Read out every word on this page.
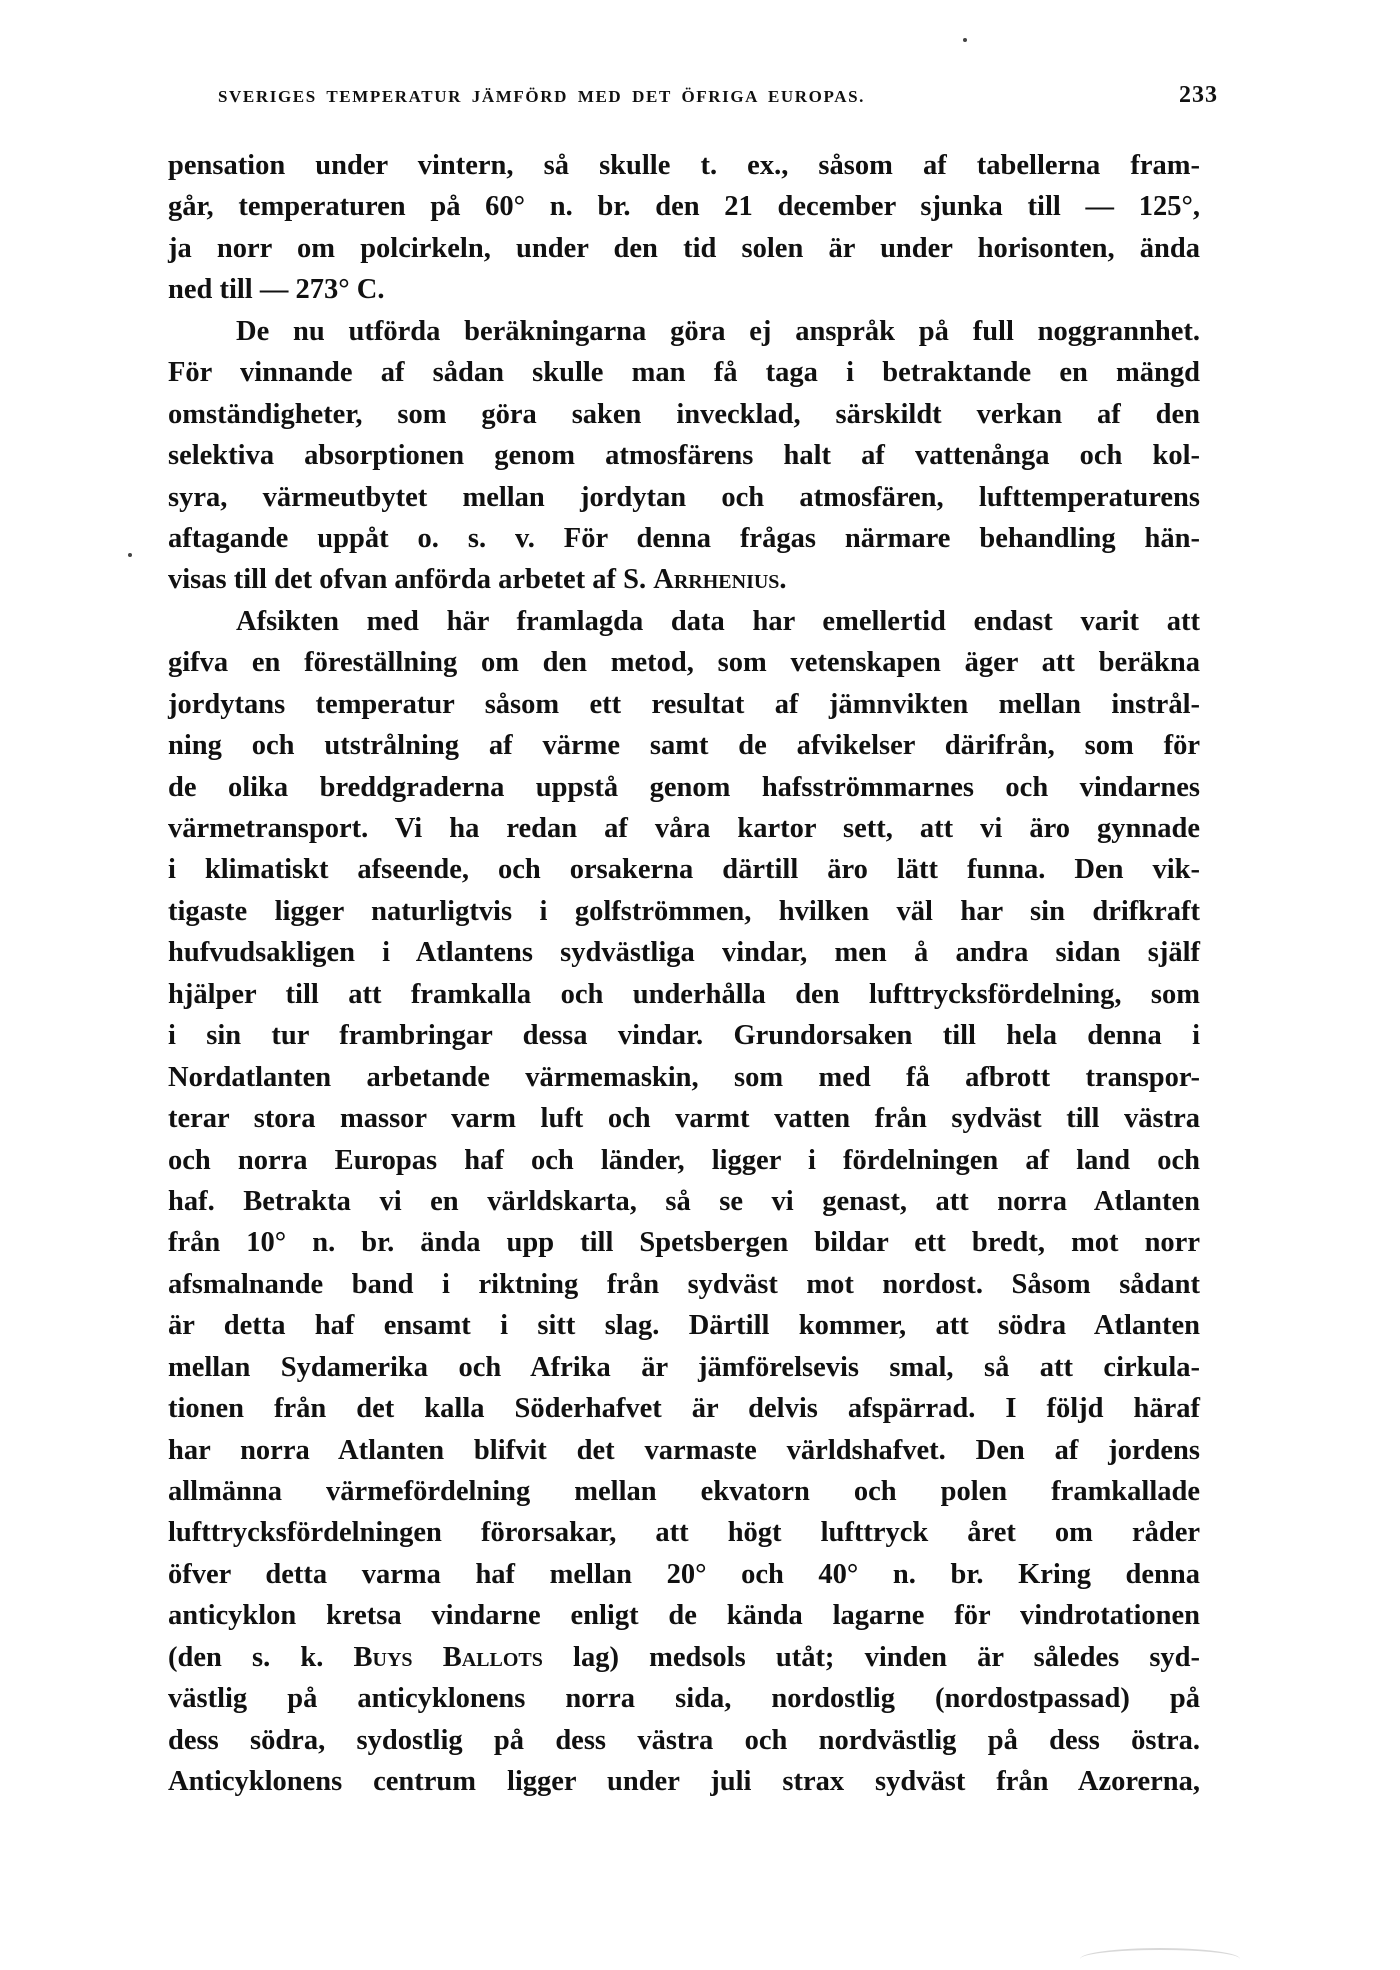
SVERIGES TEMPERATUR JÄMFÖRD MED DET ÖFRIGA EUROPAS.	233
pensation under vintern, så skulle t. ex., såsom af tabellerna fram-
går, temperaturen på 60° n. br. den 21 december sjunka till — 125°,
ja norr om polcirkeln, under den tid solen är under horisonten, ända
ned till — 273° C.
De nu utförda beräkningarna göra ej anspråk på full noggrannhet.
För vinnande af sådan skulle man få taga i betraktande en mängd
omständigheter, som göra saken invecklad, särskildt verkan af den
selektiva absorptionen genom atmosfärens halt af vattenånga och kol-
syra, värmeutbytet mellan jordytan och atmosfären, lufttemperaturens
aftagande uppåt o. s. v. För denna frågas närmare behandling hän-
visas till det ofvan anförda arbetet af S. Arrhenius.
Afsikten med här framlagda data har emellertid endast varit att
gifva en föreställning om den metod, som vetenskapen äger att beräkna
jordytans temperatur såsom ett resultat af jämnvikten mellan instrål-
ning och utstrålning af värme samt de afvikelser därifrån, som för
de olika breddgraderna uppstå genom hafsströmmarnes och vindarnes
värmetransport. Vi ha redan af våra kartor sett, att vi äro gynnade
i klimatiskt afseende, och orsakerna därtill äro lätt funna. Den vik-
tigaste ligger naturligtvis i golfströmmen, hvilken väl har sin drifkraft
hufvudsakligen i Atlantens sydvästliga vindar, men å andra sidan själf
hjälper till att framkalla och underhålla den lufttrycksfördelning, som
i sin tur frambringar dessa vindar. Grundorsaken till hela denna i
Nordatlanten arbetande värmemaskin, som med få afbrott transpor-
terar stora massor varm luft och varmt vatten från sydväst till västra
och norra Europas haf och länder, ligger i fördelningen af land och
haf. Betrakta vi en världskarta, så se vi genast, att norra Atlanten
från 10° n. br. ända upp till Spetsbergen bildar ett bredt, mot norr
afsmalnande band i riktning från sydväst mot nordost. Såsom sådant
är detta haf ensamt i sitt slag. Därtill kommer, att södra Atlanten
mellan Sydamerika och Afrika är jämförelsevis smal, så att cirkula-
tionen från det kalla Söderhafvet är delvis afspärrad. I följd häraf
har norra Atlanten blifvit det varmaste världshafvet. Den af jordens
allmänna värmefördelning mellan ekvatorn och polen framkallade
lufttrycksfördelningen förorsakar, att högt lufttryck året om råder
öfver detta varma haf mellan 20° och 40° n. br. Kring denna
anticyklon kretsa vindarne enligt de kända lagarne för vindrotationen
(den s. k. Buys Ballots lag) medsols utåt; vinden är således syd-
västlig på anticyklonens norra sida, nordostlig (nordostpassad) på
dess södra, sydostlig på dess västra och nordvästlig på dess östra.
Anticyklonens centrum ligger under juli strax sydväst från Azorerna,
